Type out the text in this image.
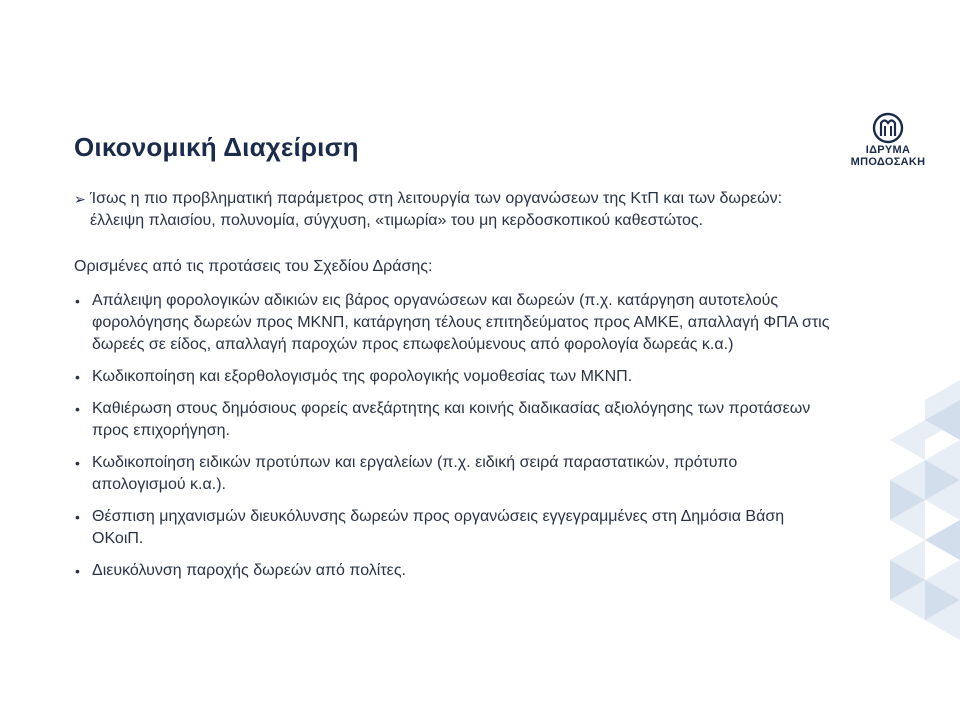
Οικονομική Διαχείριση	ΙΔΡΥΜΑ
ΜΠΟΔΟΣΑΚΗ

➢ Ίσως η πιο προβληματική παράμετρος στη λειτουργία των οργανώσεων της ΚτΠ και των δωρεών: έλλειψη πλαισίου, πολυνομία, σύγχυση, «τιμωρία» του μη κερδοσκοπικού καθεστώτος.

Ορισμένες από τις προτάσεις του Σχεδίου Δράσης:

• Απάλειψη φορολογικών αδικιών εις βάρος οργανώσεων και δωρεών (π.χ. κατάργηση αυτοτελούς φορολόγησης δωρεών προς ΜΚΝΠ, κατάργηση τέλους επιτηδεύματος προς ΑΜΚΕ, απαλλαγή ΦΠΑ στις δωρεές σε είδος, απαλλαγή παροχών προς επωφελούμενους από φορολογία δωρεάς κ.α.)
• Κωδικοποίηση και εξορθολογισμός της φορολογικής νομοθεσίας των ΜΚΝΠ.
• Καθιέρωση στους δημόσιους φορείς ανεξάρτητης και κοινής διαδικασίας αξιολόγησης των προτάσεων προς επιχορήγηση.
• Κωδικοποίηση ειδικών προτύπων και εργαλείων (π.χ. ειδική σειρά παραστατικών, πρότυπο απολογισμού κ.α.).
• Θέσπιση μηχανισμών διευκόλυνσης δωρεών προς οργανώσεις εγγεγραμμένες στη Δημόσια Βάση ΟΚοιΠ.
• Διευκόλυνση παροχής δωρεών από πολίτες.
